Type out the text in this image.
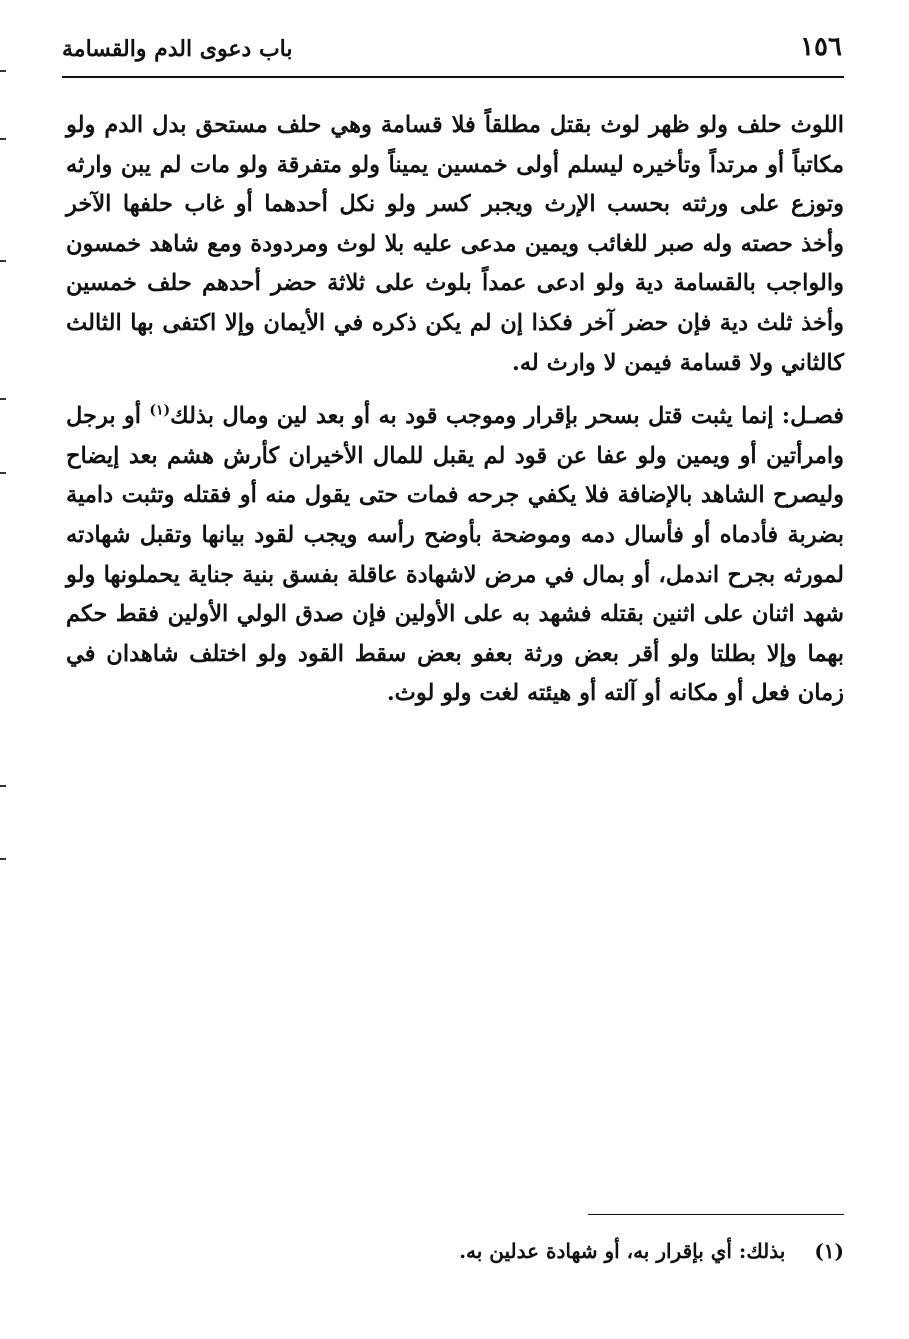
١٥٦
باب دعوى الدم والقسامة

اللوث حلف ولو ظهر لوث بقتل مطلقاً فلا قسامة وهي حلف مستحق بدل الدم ولو مكاتباً أو مرتداً وتأخيره ليسلم أولى خمسين يميناً ولو متفرقة ولو مات لم يبن وارثه وتوزع على ورثته بحسب الإرث ويجبر كسر ولو نكل أحدهما أو غاب حلفها الآخر وأخذ حصته وله صبر للغائب ويمين مدعى عليه بلا لوث ومردودة ومع شاهد خمسون والواجب بالقسامة دية ولو ادعى عمداً بلوث على ثلاثة حضر أحدهم حلف خمسين وأخذ ثلث دية فإن حضر آخر فكذا إن لم يكن ذكره في الأيمان وإلا اكتفى بها الثالث كالثاني ولا قسامة فيمن لا وارث له.

فصـل: إنما يثبت قتل بسحر بإقرار وموجب قود به أو بعد لين ومال بذلك$^{(١)}$ أو برجل وامرأتين أو ويمين ولو عفا عن قود لم يقبل للمال الأخيران كأرش هشم بعد إيضاح وليصرح الشاهد بالإضافة فلا يكفي جرحه فمات حتى يقول منه أو فقتله وتثبت دامية بضربة فأدماه أو فأسال دمه وموضحة بأوضح رأسه ويجب لقود بيانها وتقبل شهادته لمورثه بجرح اندمل، أو بمال في مرض لاشهادة عاقلة بفسق بنية جناية يحملونها ولو شهد اثنان على اثنين بقتله فشهد به على الأولين فإن صدق الولي الأولين فقط حكم بهما وإلا بطلتا ولو أقر بعض ورثة بعفو بعض سقط القود ولو اختلف شاهدان في زمان فعل أو مكانه أو آلته أو هيئته لغت ولو لوث.

(١) بذلك: أي بإقرار به، أو شهادة عدلين به.
